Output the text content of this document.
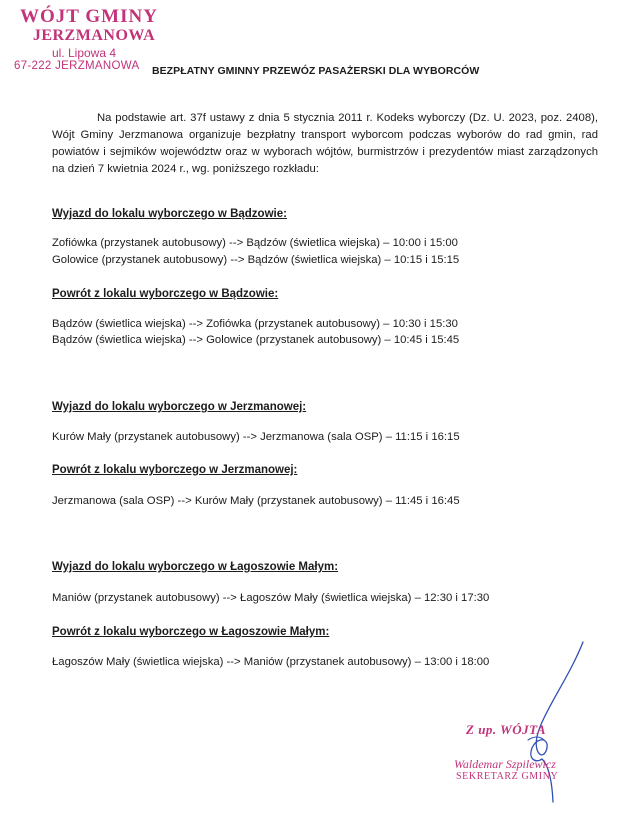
WÓJT GMINY
JERZMANOWA
ul. Lipowa 4
67-222 JERZMANOWA	BEZPŁATNY GMINNY PRZEWÓZ PASAŻERSKI DLA WYBORCÓW

Na podstawie art. 37f ustawy z dnia 5 stycznia 2011 r. Kodeks wyborczy (Dz. U. 2023, poz. 2408), Wójt Gminy Jerzmanowa organizuje bezpłatny transport wyborcom podczas wyborów do rad gmin, rad powiatów i sejmików województw oraz w wyborach wójtów, burmistrzów i prezydentów miast zarządzonych na dzień 7 kwietnia 2024 r., wg. poniższego rozkładu:

Wyjazd do lokalu wyborczego w Bądzowie:
Zofiówka (przystanek autobusowy) --> Bądzów (świetlica wiejska) – 10:00 i 15:00
Golowice (przystanek autobusowy) --> Bądzów (świetlica wiejska) – 10:15 i 15:15
Powrót z lokalu wyborczego w Bądzowie:
Bądzów (świetlica wiejska) --> Zofiówka (przystanek autobusowy) – 10:30 i 15:30
Bądzów (świetlica wiejska) --> Golowice (przystanek autobusowy) – 10:45 i 15:45
Wyjazd do lokalu wyborczego w Jerzmanowej:
Kurów Mały (przystanek autobusowy) --> Jerzmanowa (sala OSP) – 11:15 i 16:15
Powrót z lokalu wyborczego w Jerzmanowej:
Jerzmanowa (sala OSP) --> Kurów Mały (przystanek autobusowy) – 11:45 i 16:45
Wyjazd do lokalu wyborczego w Łagoszowie Małym:
Maniów (przystanek autobusowy) --> Łagoszów Mały (świetlica wiejska) – 12:30 i 17:30
Powrót z lokalu wyborczego w Łagoszowie Małym:
Łagoszów Mały (świetlica wiejska) --> Maniów (przystanek autobusowy) – 13:00 i 18:00
Z up. WÓJTA
Waldemar Szpilewicz
SEKRETARZ GMINY
